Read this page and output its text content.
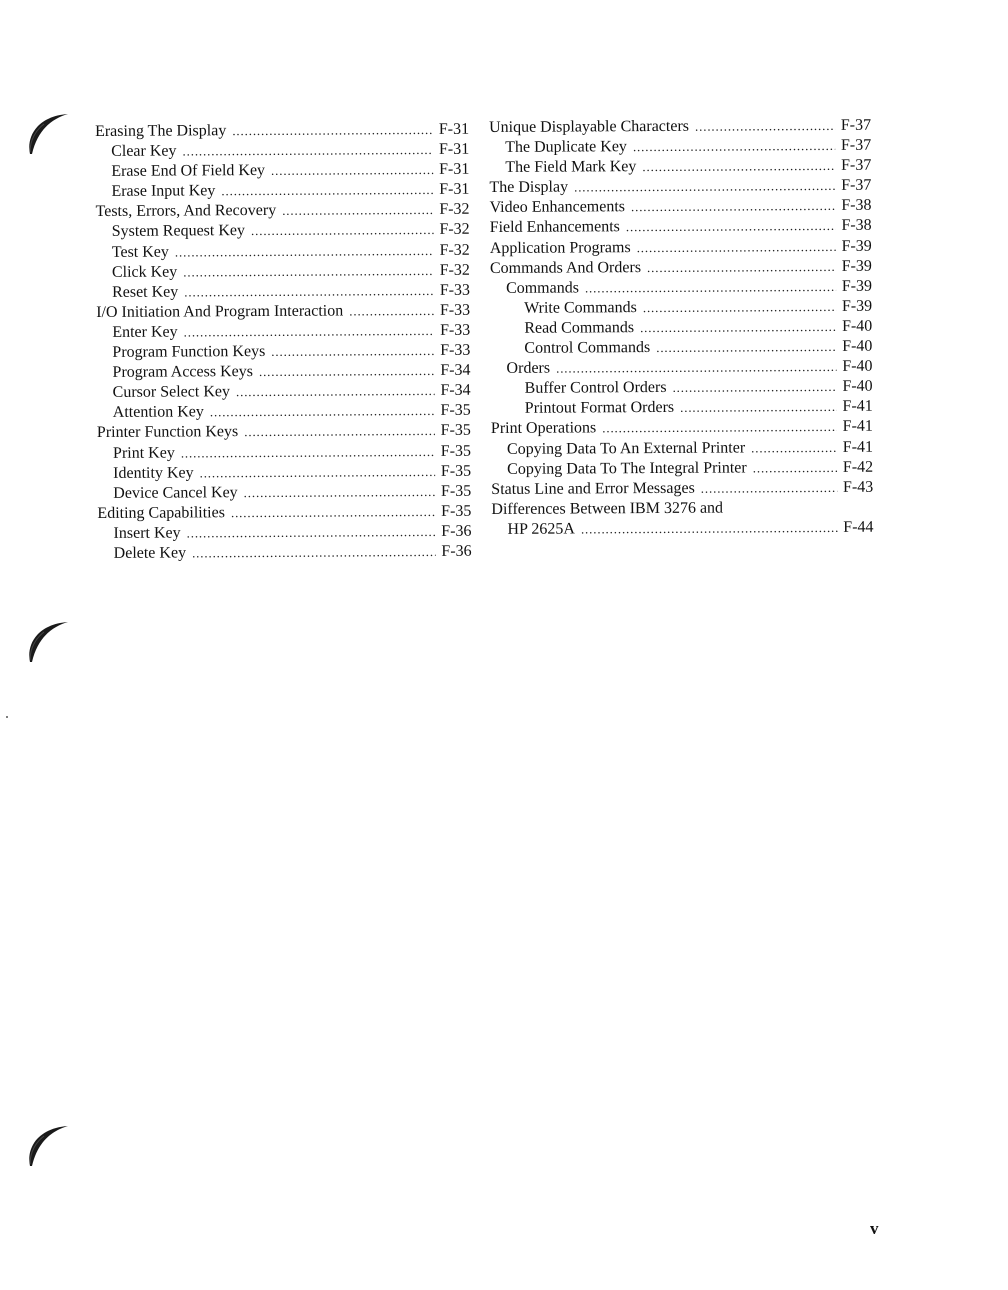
Erasing The Display . . .	F-31
Clear Key . . .	F-31
Erase End Of Field Key . . .	F-31
Erase Input Key . . .	F-31
Tests, Errors, And Recovery . . .	F-32
System Request Key . . .	F-32
Test Key . . .	F-32
Click Key . . .	F-32
Reset Key . . .	F-33
I/O Initiation And Program Interaction . . .	F-33
Enter Key . . .	F-33
Program Function Keys . . .	F-33
Program Access Keys . . .	F-34
Cursor Select Key . . .	F-34
Attention Key . . .	F-35
Printer Function Keys . . .	F-35
Print Key . . .	F-35
Identity Key . . .	F-35
Device Cancel Key . . .	F-35
Editing Capabilities . . .	F-35
Insert Key . . .	F-36
Delete Key . . .	F-36
Unique Displayable Characters . . .	F-37
The Duplicate Key . . .	F-37
The Field Mark Key . . .	F-37
The Display . . .	F-37
Video Enhancements . . .	F-38
Field Enhancements . . .	F-38
Application Programs . . .	F-39
Commands And Orders . . .	F-39
Commands . . .	F-39
Write Commands . . .	F-39
Read Commands . . .	F-40
Control Commands . . .	F-40
Orders . . .	F-40
Buffer Control Orders . . .	F-40
Printout Format Orders . . .	F-41
Print Operations . . .	F-41
Copying Data To An External Printer . . .	F-41
Copying Data To The Integral Printer . . .	F-42
Status Line and Error Messages . . .	F-43
Differences Between IBM 3276 and
HP 2625A . . .	F-44
v
